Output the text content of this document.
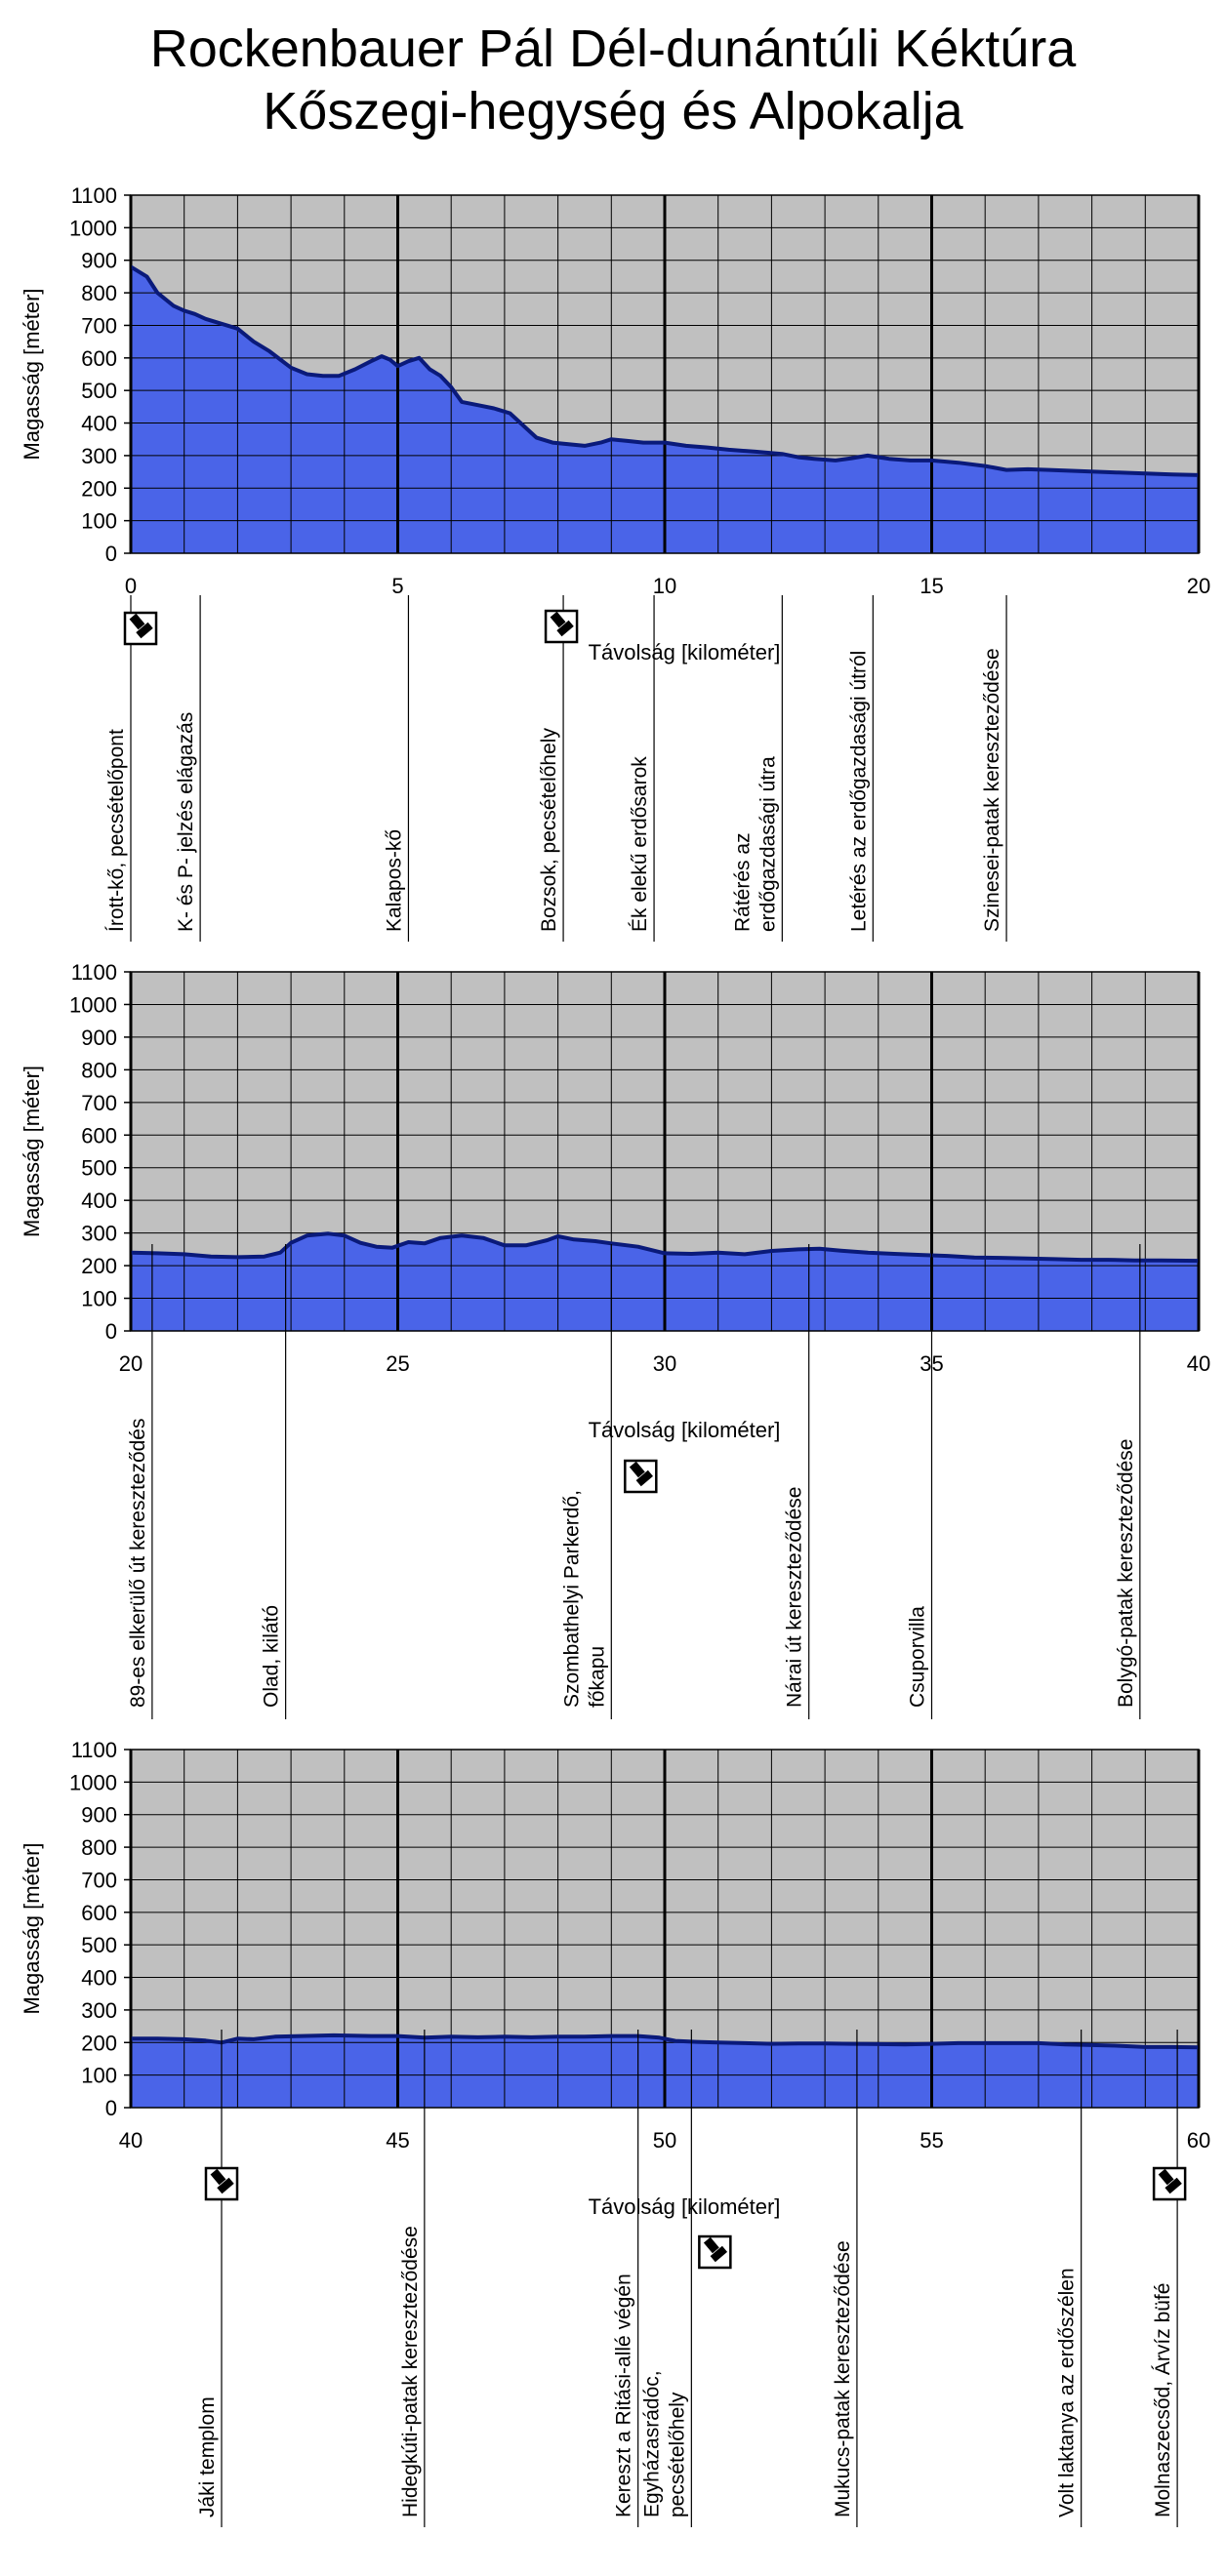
Rockenbauer Pál Dél-dunántúli Kéktúra
Kőszegi-hegység és Alpokalja
0
100
200
300
400
500
600
700
800
900
1000
1100
Magasság [méter]
0	5	10	15	20
Távolság [kilométer]
Írott-kő, pecsételőpont K- és P- jelzés elágazás	Kalapos-kő	Bozsok, pecsételőhely	Ék elekű erdősarok	Rátérés az erdőgazdasági útra	Letérés az erdőgazdasági útról	Szinesei-patak kereszteződése
0
100
200
300
400
500
600
700
800
900
1000
1100
Magasság [méter]
20	25	30	35	40
Távolság [kilométer]
89-es elkerülő út kereszteződés	Olad, kilátó	Szombathelyi Parkerdő, főkapu	Nárai út kereszteződése	Csuporvilla	Bolygó-patak kereszteződése
0
100
200
300
400
500
600
700
800
900
1000
1100
Magasság [méter]
40	45	50	55	60
Távolság [kilométer]
Jáki templom	Hidegkúti-patak kereszteződése	Kereszt a Ritási-allé végén Egyházasrádóc, pecsételőhely	Mukucs-patak kereszteződése	Volt laktanya az erdőszélen	Molnaszecsőd, Árvíz büfé
